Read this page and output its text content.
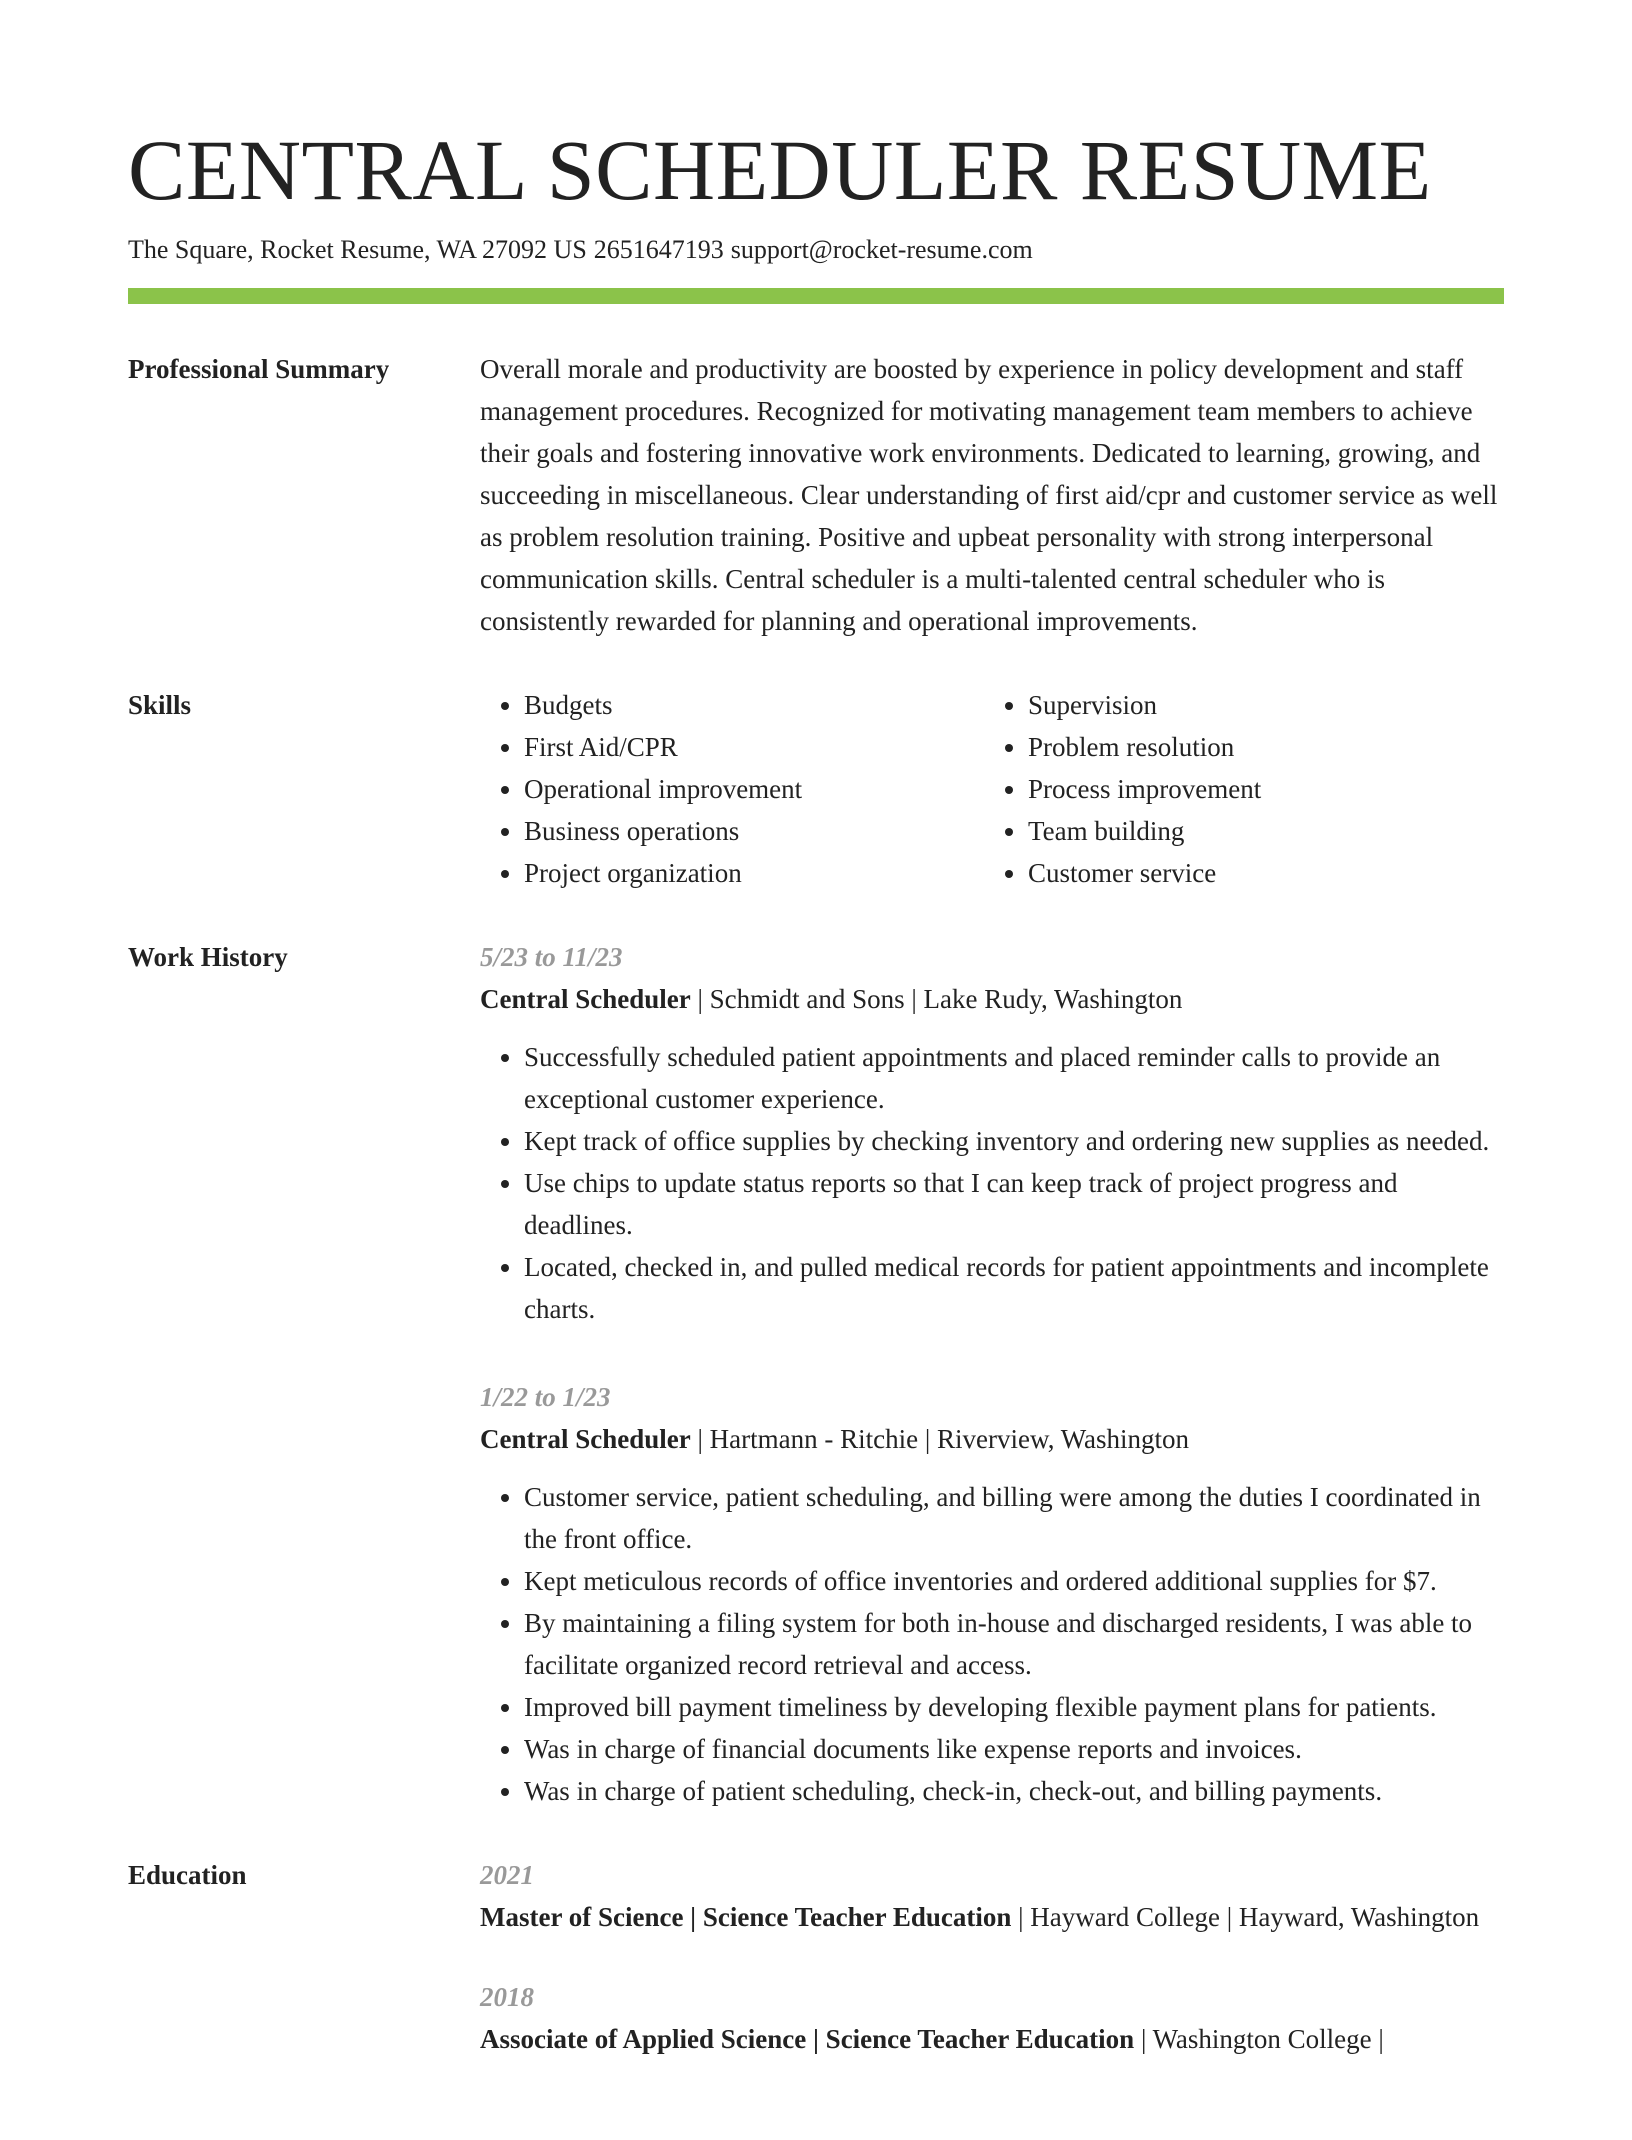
CENTRAL SCHEDULER RESUME
The Square, Rocket Resume, WA 27092 US 2651647193 support@rocket-resume.com
Professional Summary	Overall morale and productivity are boosted by experience in policy development and staff management procedures. Recognized for motivating management team members to achieve their goals and fostering innovative work environments. Dedicated to learning, growing, and succeeding in miscellaneous. Clear understanding of first aid/cpr and customer service as well as problem resolution training. Positive and upbeat personality with strong interpersonal communication skills. Central scheduler is a multi-talented central scheduler who is consistently rewarded for planning and operational improvements.

Skills
•	Budgets
• First Aid/CPR
• Operational improvement
• Business operations
• Project organization
• Supervision
• Problem resolution
• Process improvement
• Team building
• Customer service
Work History	5/23 to 11/23
Central Scheduler | Schmidt and Sons | Lake Rudy, Washington
• Successfully scheduled patient appointments and placed reminder calls to provide an exceptional customer experience.
• Kept track of office supplies by checking inventory and ordering new supplies as needed.
• Use chips to update status reports so that I can keep track of project progress and deadlines.
• Located, checked in, and pulled medical records for patient appointments and incomplete charts.
1/22 to 1/23
Central Scheduler | Hartmann - Ritchie | Riverview, Washington
• Customer service, patient scheduling, and billing were among the duties I coordinated in the front office.
• Kept meticulous records of office inventories and ordered additional supplies for $7.
• By maintaining a filing system for both in-house and discharged residents, I was able to facilitate organized record retrieval and access.
• Improved bill payment timeliness by developing flexible payment plans for patients.
• Was in charge of financial documents like expense reports and invoices.
• Was in charge of patient scheduling, check-in, check-out, and billing payments.
Education	2021
Master of Science | Science Teacher Education | Hayward College | Hayward, Washington
2018
Associate of Applied Science | Science Teacher Education | Washington College |
